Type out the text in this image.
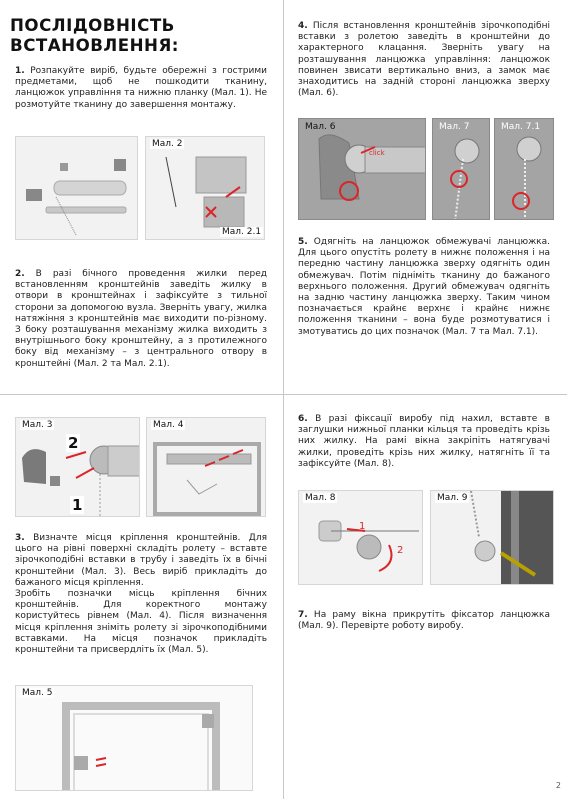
ПОСЛІДОВНІСТЬ ВСТАНОВЛЕННЯ:
1. Розпакуйте виріб, будьте обережні з гострими предметами, щоб не пошкодити тканину, ланцюжок управління та нижню планку (Мал. 1). Не розмотуйте тканину до завершення монтажу.
Мал. 2
Мал. 2.1
2. В разі бічного проведення жилки перед встановленням кронштейнів заведіть жилку в отвори в кронштейнах і зафіксуйте з тильної сторони за допомогою вузла. Зверніть увагу, жилка натяжіння з кронштейнів має виходити по-різному. З боку розташування механізму жилка виходить з внутрішнього боку кронштейну, а з протилежного боку від механізму – з центрального отвору в кронштейні (Мал. 2 та Мал. 2.1).
4. Після встановлення кронштейнів зірочкоподібні вставки з ролетою заведіть в кронштейни до характерного клацання. Зверніть увагу на розташування ланцюжка управління: ланцюжок повинен звисати вертикально вниз, а замок має знаходитись на задній стороні ланцюжка зверху (Мал. 6).
Мал. 6
click
Мал. 7	Мал. 7.1
5. Одягніть на ланцюжок обмежувачі ланцюжка. Для цього опустіть ролету в нижнє положення і на передню частину ланцюжка зверху одягніть один обмежувач. Потім підніміть тканину до бажаного верхнього положення. Другий обмежувач одягніть на задню частину ланцюжка зверху. Таким чином позначається крайнє верхнє і крайнє нижнє положення тканини – вона буде розмотуватися і змотуватись до цих позначок (Мал. 7 та Мал. 7.1).
Мал. 3
2
1
Мал. 4
3. Визначте місця кріплення кронштейнів. Для цього на рівні поверхні складіть ролету – вставте зірочкоподібні вставки в трубу і заведіть їх в бічні кронштейни (Мал. 3). Весь виріб прикладіть до бажаного місця кріплення.
Зробіть позначки місць кріплення бічних кронштейнів. Для коректного монтажу користуйтесь рівнем (Мал. 4). Після визначення місця кріплення зніміть ролету зі зірочкоподібними вставками. На місця позначок прикладіть кронштейни та присвердліть їх (Мал. 5).
Мал. 5
6. В разі фіксації виробу під нахил, вставте в заглушки нижньої планки кільця та проведіть крізь них жилку. На рамі вікна закріпіть натягувачі жилки, проведіть крізь них жилку, натягніть її та зафіксуйте (Мал. 8).
Мал. 8
1
2
Мал. 9
7. На раму вікна прикрутіть фіксатор ланцюжка (Мал. 9). Перевірте роботу виробу.
2
